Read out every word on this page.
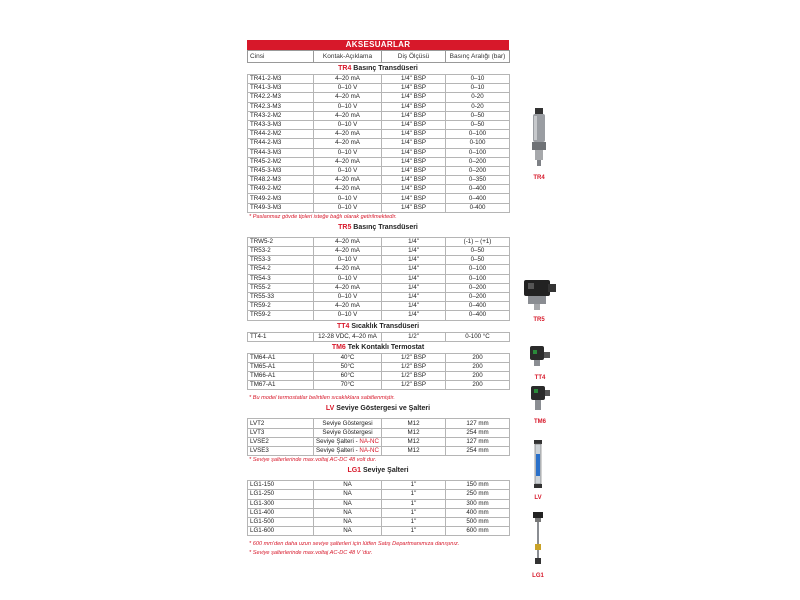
AKSESUARLAR
Cinsi	Kontak-Açıklama	Diş Ölçüsü	Basınç Aralığı (bar)
TR4 Basınç Transdüseri
TR41-2-M3	4–20 mA	1/4" BSP	0–10
TR41-3-M3	0–10 V	1/4" BSP	0–10
TR42.2-M3	4–20 mA	1/4" BSP	0-20
TR42.3-M3	0–10 V	1/4" BSP	0-20
TR43-2-M2	4–20 mA	1/4" BSP	0–50
TR43-3-M3	0–10 V	1/4" BSP	0–50
TR44-2-M2	4–20 mA	1/4" BSP	0–100
TR44-2-M3	4–20 mA	1/4" BSP	0-100
TR44-3-M3	0–10 V	1/4" BSP	0–100
TR45-2-M2	4–20 mA	1/4" BSP	0–200
TR45-3-M3	0–10 V	1/4" BSP	0–200
TR48.2-M3	4–20 mA	1/4" BSP	0–350
TR49-2-M2	4–20 mA	1/4" BSP	0–400
TR49-2-M3	0–10 V	1/4" BSP	0–400
TR49-3-M3	0–10 V	1/4" BSP	0-400
* Paslanmaz gövde tipleri isteğe bağlı olarak getirilmektedir.
TR5 Basınç Transdüseri
TRW5-2	4–20 mA	1/4"	(-1) – (+1)
TR53-2	4–20 mA	1/4"	0–50
TR53-3	0–10 V	1/4"	0–50
TR54-2	4–20 mA	1/4"	0–100
TR54-3	0–10 V	1/4"	0–100
TR55-2	4–20 mA	1/4"	0–200
TR55-33	0–10 V	1/4"	0–200
TR59-2	4–20 mA	1/4"	0–400
TR59-2	0–10 V	1/4"	0–400
TT4 Sıcaklık Transdüseri
TT4-1	12-28 VDC, 4–20 mA	1/2"	0-100 °C
TM6 Tek Kontaklı Termostat
TM64-A1	40°C	1/2" BSP	200
TM65-A1	50°C	1/2" BSP	200
TM66-A1	60°C	1/2" BSP	200
TM67-A1	70°C	1/2" BSP	200
* Bu model termostatlar belirtilen sıcaklıklara sabitlenmiştir.
LV Seviye Göstergesi ve Şalteri
LVT2	Seviye Göstergesi	M12	127 mm
LVT3	Seviye Göstergesi	M12	254 mm
LVSE2	Seviye Şalteri - NA-NC	M12	127 mm
LVSE3	Seviye Şalteri - NA-NC	M12	254 mm
* Seviye şalterlerinde max.voltaj AC-DC 48 volt dur.
LG1 Seviye Şalteri
LG1-150	NA	1"	150 mm
LG1-250	NA	1"	250 mm
LG1-300	NA	1"	300 mm
LG1-400	NA	1"	400 mm
LG1-500	NA	1"	500 mm
LG1-600	NA	1"	600 mm
* 600 mm'den daha uzun seviye şalterleri için lütfen Satış Departmanımıza danışınız.
* Seviye şalterlerinde max.voltaj AC-DC 48 V 'dur.
TR4
TR5
TT4
TM6
LV
LG1
